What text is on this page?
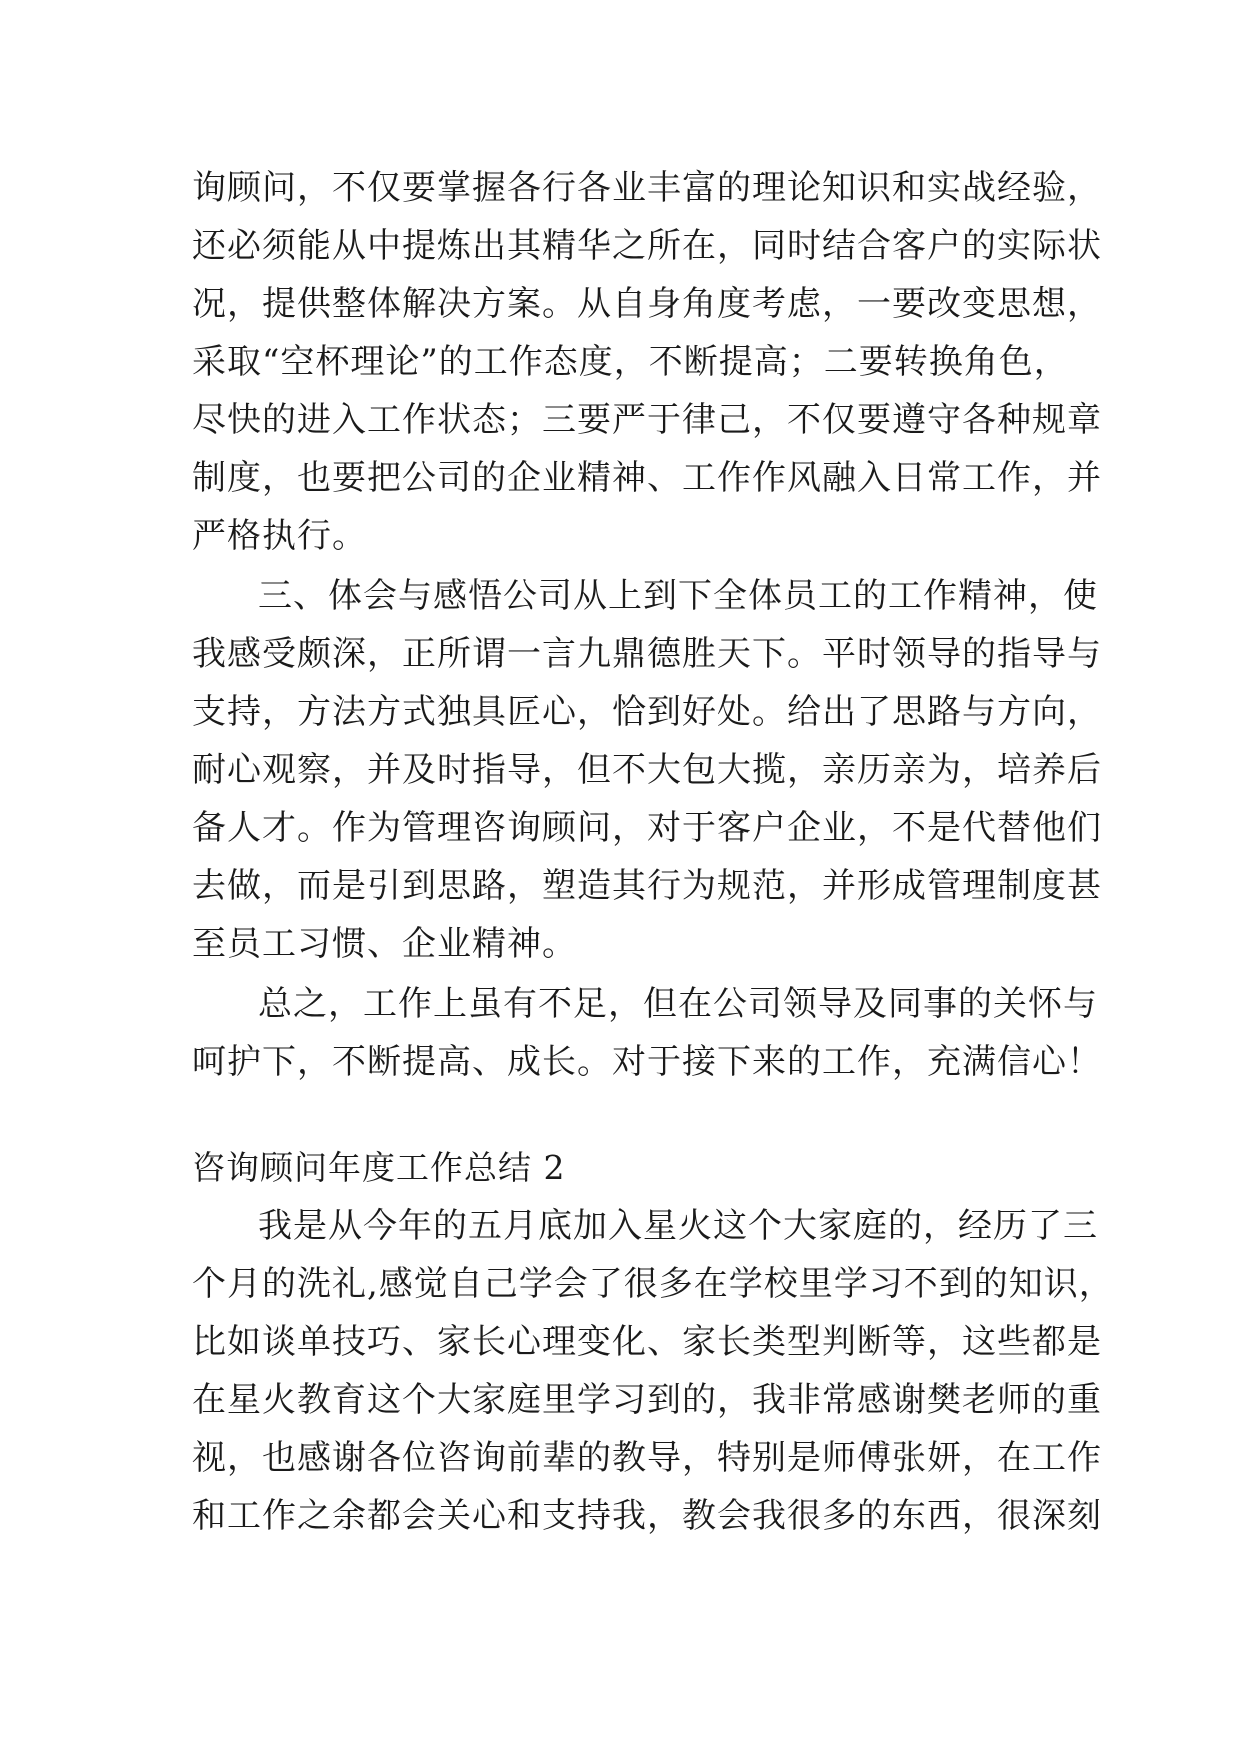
询顾问，不仅要掌握各行各业丰富的理论知识和实战经验，
还必须能从中提炼出其精华之所在，同时结合客户的实际状
况，提供整体解决方案。从自身角度考虑，一要改变思想，
采取“空杯理论”的工作态度，不断提高；二要转换角色，
尽快的进入工作状态；三要严于律己，不仅要遵守各种规章
制度，也要把公司的企业精神、工作作风融入日常工作，并
严格执行。
三、体会与感悟公司从上到下全体员工的工作精神，使
我感受颇深，正所谓一言九鼎德胜天下。平时领导的指导与
支持，方法方式独具匠心，恰到好处。给出了思路与方向，
耐心观察，并及时指导，但不大包大揽，亲历亲为，培养后
备人才。作为管理咨询顾问，对于客户企业，不是代替他们
去做，而是引到思路，塑造其行为规范，并形成管理制度甚
至员工习惯、企业精神。
总之，工作上虽有不足，但在公司领导及同事的关怀与
呵护下，不断提高、成长。对于接下来的工作，充满信心！
咨询顾问年度工作总结 2
我是从今年的五月底加入星火这个大家庭的，经历了三
个月的洗礼,感觉自己学会了很多在学校里学习不到的知识，
比如谈单技巧、家长心理变化、家长类型判断等，这些都是
在星火教育这个大家庭里学习到的，我非常感谢樊老师的重
视，也感谢各位咨询前辈的教导，特别是师傅张妍，在工作
和工作之余都会关心和支持我，教会我很多的东西，很深刻
